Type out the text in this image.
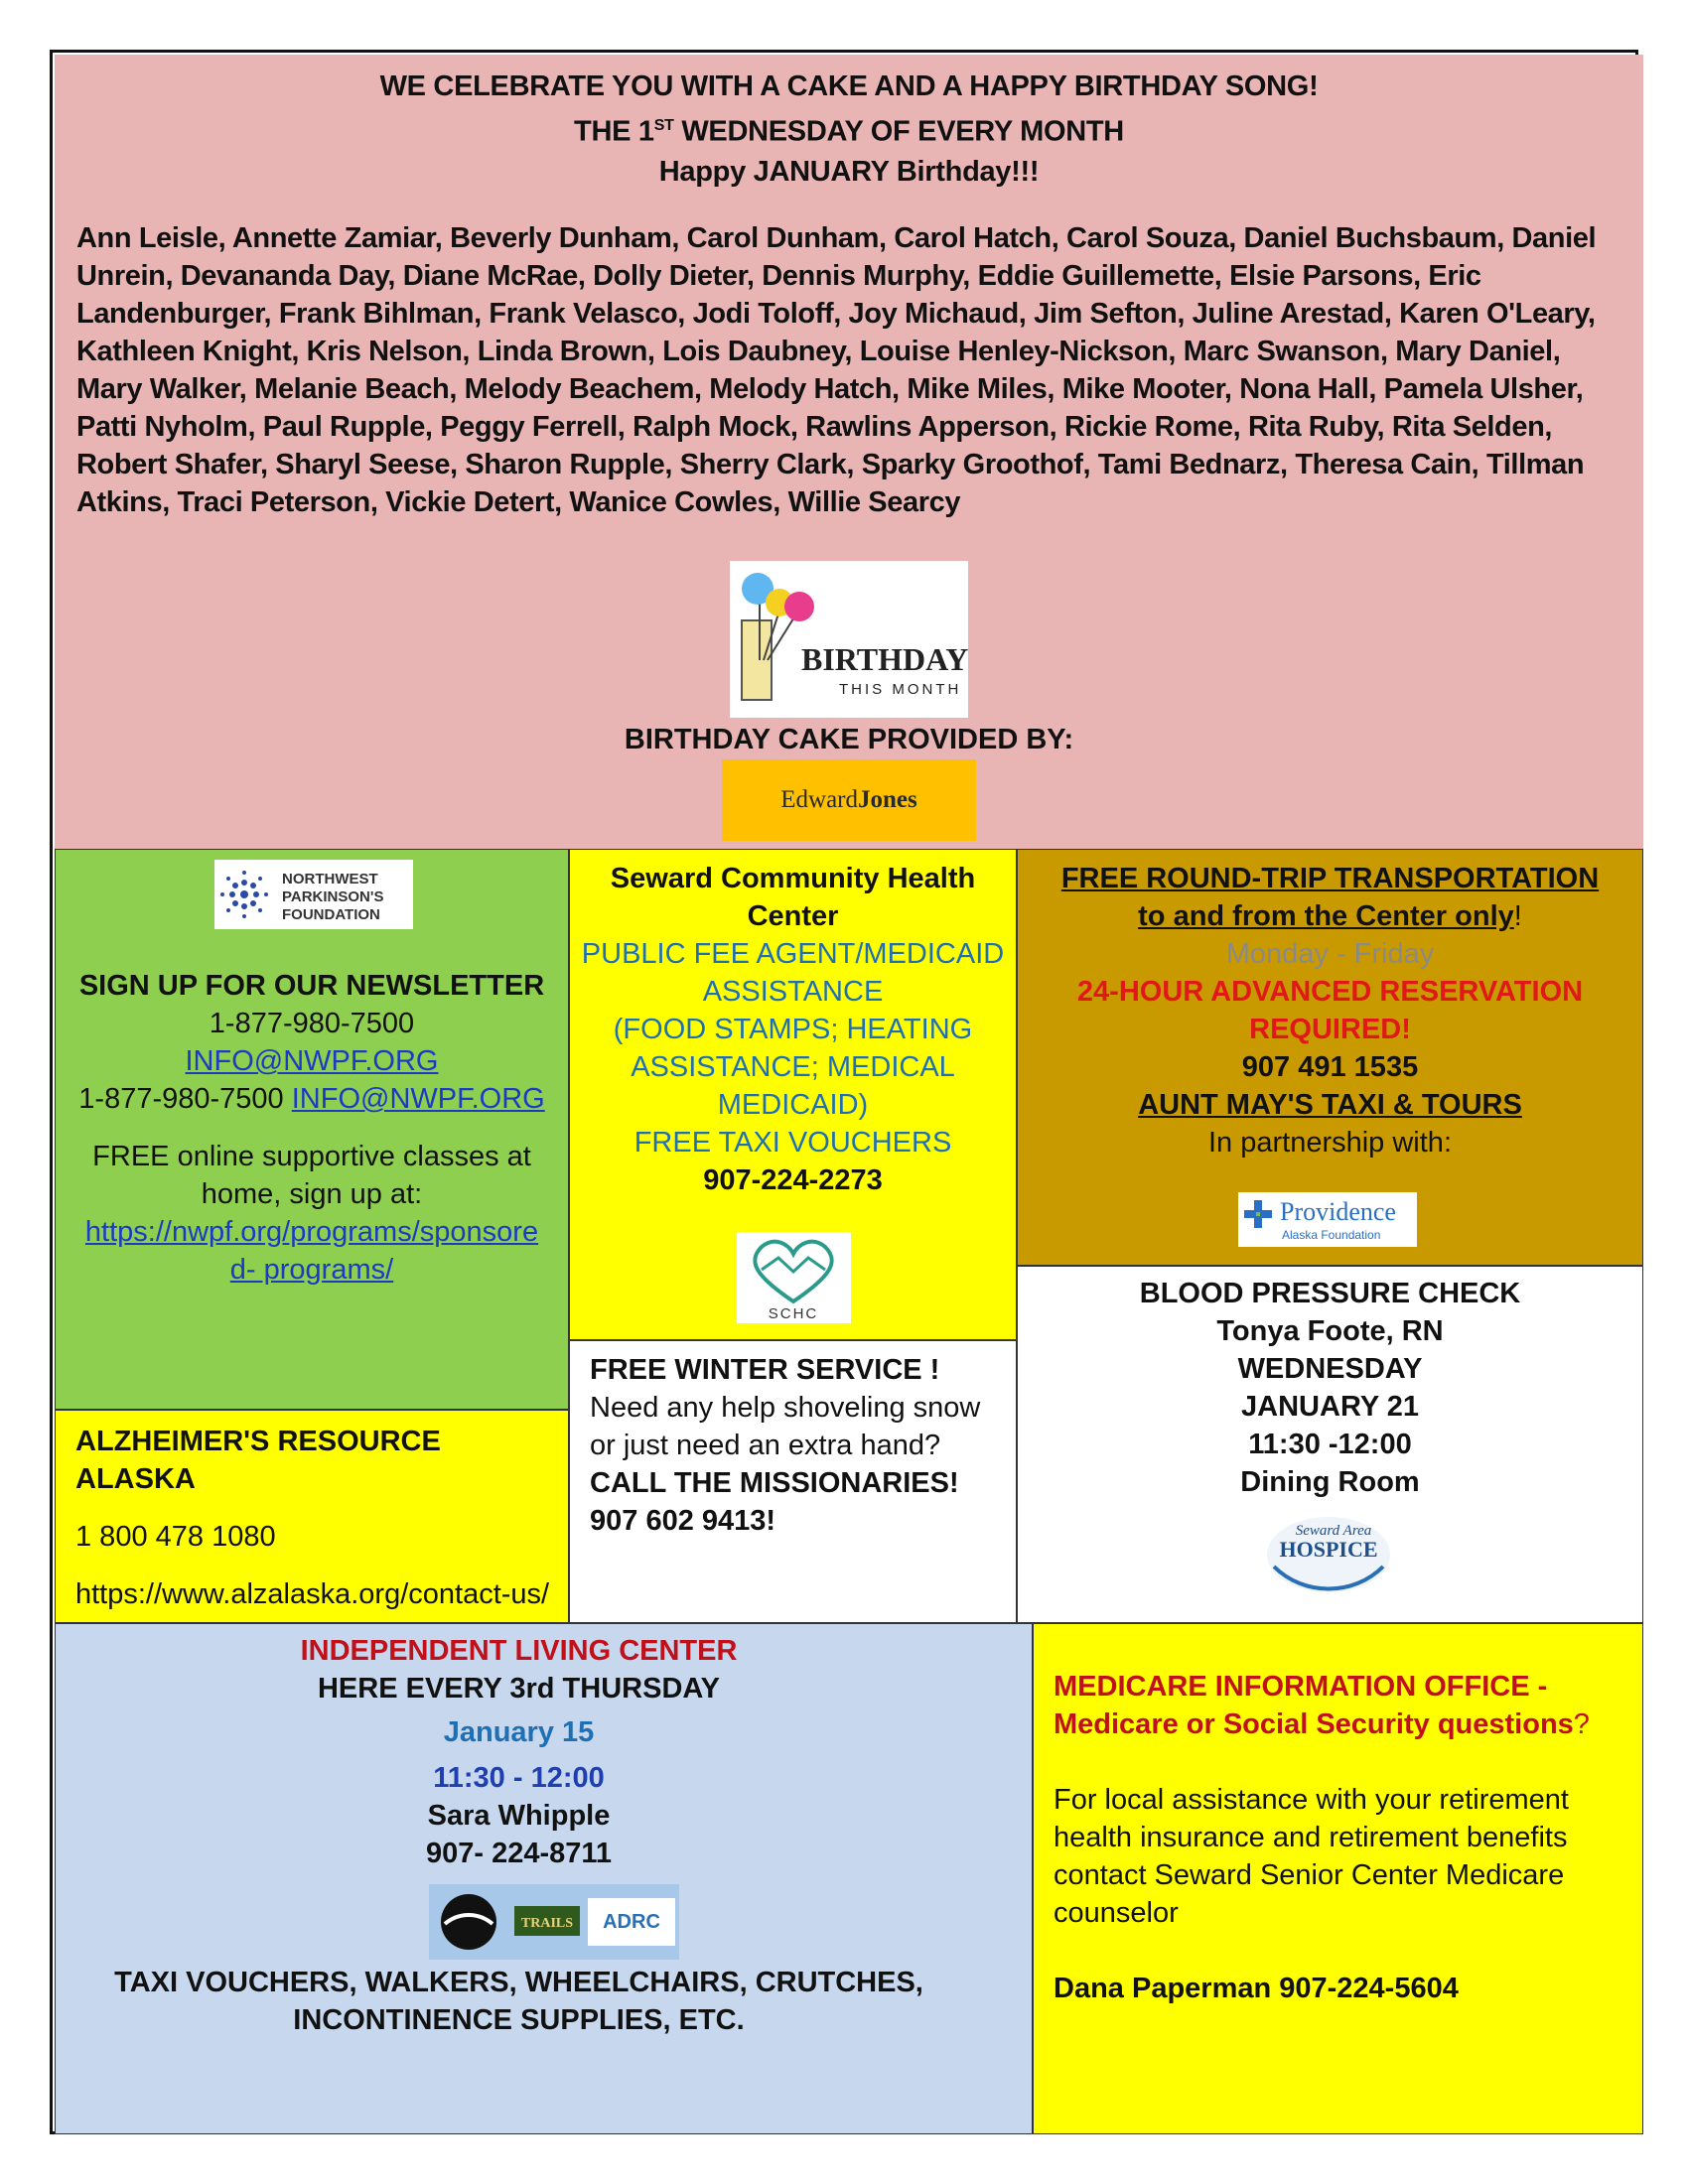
WE CELEBRATE YOU WITH A CAKE AND A HAPPY BIRTHDAY SONG!
THE 1ST WEDNESDAY OF EVERY MONTH
Happy JANUARY Birthday!!!
Ann Leisle, Annette Zamiar, Beverly Dunham, Carol Dunham, Carol Hatch, Carol Souza, Daniel Buchsbaum, Daniel Unrein, Devananda Day, Diane McRae, Dolly Dieter, Dennis Murphy, Eddie Guillemette, Elsie Parsons, Eric Landenburger, Frank Bihlman, Frank Velasco, Jodi Toloff, Joy Michaud, Jim Sefton, Juline Arestad, Karen O'Leary, Kathleen Knight, Kris Nelson, Linda Brown, Lois Daubney, Louise Henley-Nickson, Marc Swanson, Mary Daniel, Mary Walker, Melanie Beach, Melody Beachem, Melody Hatch, Mike Miles, Mike Mooter, Nona Hall, Pamela Ulsher, Patti Nyholm, Paul Rupple, Peggy Ferrell, Ralph Mock, Rawlins Apperson, Rickie Rome, Rita Ruby, Rita Selden, Robert Shafer, Sharyl Seese, Sharon Rupple, Sherry Clark, Sparky Groothof, Tami Bednarz, Theresa Cain, Tillman Atkins, Traci Peterson, Vickie Detert, Wanice Cowles, Willie Searcy
BIRTHDAYS
THIS MONTH
BIRTHDAY CAKE PROVIDED BY:
Edward Jones
NORTHWEST
PARKINSON'S
FOUNDATION
SIGN UP FOR OUR NEWSLETTER
1-877-980-7500
INFO@NWPF.ORG
1-877-980-7500 INFO@NWPF.ORG
FREE online supportive classes at home, sign up at:
https://nwpf.org/programs/sponsore
d- programs/
ALZHEIMER'S RESOURCE ALASKA
1 800 478 1080
https://www.alzalaska.org/contact-us/
Seward Community Health
Center
PUBLIC FEE AGENT/MEDICAID
ASSISTANCE
(FOOD STAMPS; HEATING
ASSISTANCE; MEDICAL
MEDICAID)
FREE TAXI VOUCHERS
907-224-2273
SCHC
FREE WINTER SERVICE !
Need any help shoveling snow or just need an extra hand?
CALL THE MISSIONARIES!
907 602 9413!
FREE ROUND-TRIP TRANSPORTATION
to and from the Center only!
Monday - Friday
24-HOUR ADVANCED RESERVATION
REQUIRED!
907 491 1535
AUNT MAY'S TAXI & TOURS
In partnership with:
Providence
Alaska Foundation
BLOOD PRESSURE CHECK
Tonya Foote, RN
WEDNESDAY
JANUARY 21
11:30 -12:00
Dining Room
Seward Area
HOSPICE
INDEPENDENT LIVING CENTER
HERE EVERY 3rd THURSDAY
January 15
11:30 - 12:00
Sara Whipple
907- 224-8711
TRAILS ADRC
TAXI VOUCHERS, WALKERS, WHEELCHAIRS, CRUTCHES,
INCONTINENCE SUPPLIES, ETC.
MEDICARE INFORMATION OFFICE -
Medicare or Social Security questions?
For local assistance with your retirement health insurance and retirement benefits contact Seward Senior Center Medicare counselor
Dana Paperman 907-224-5604
